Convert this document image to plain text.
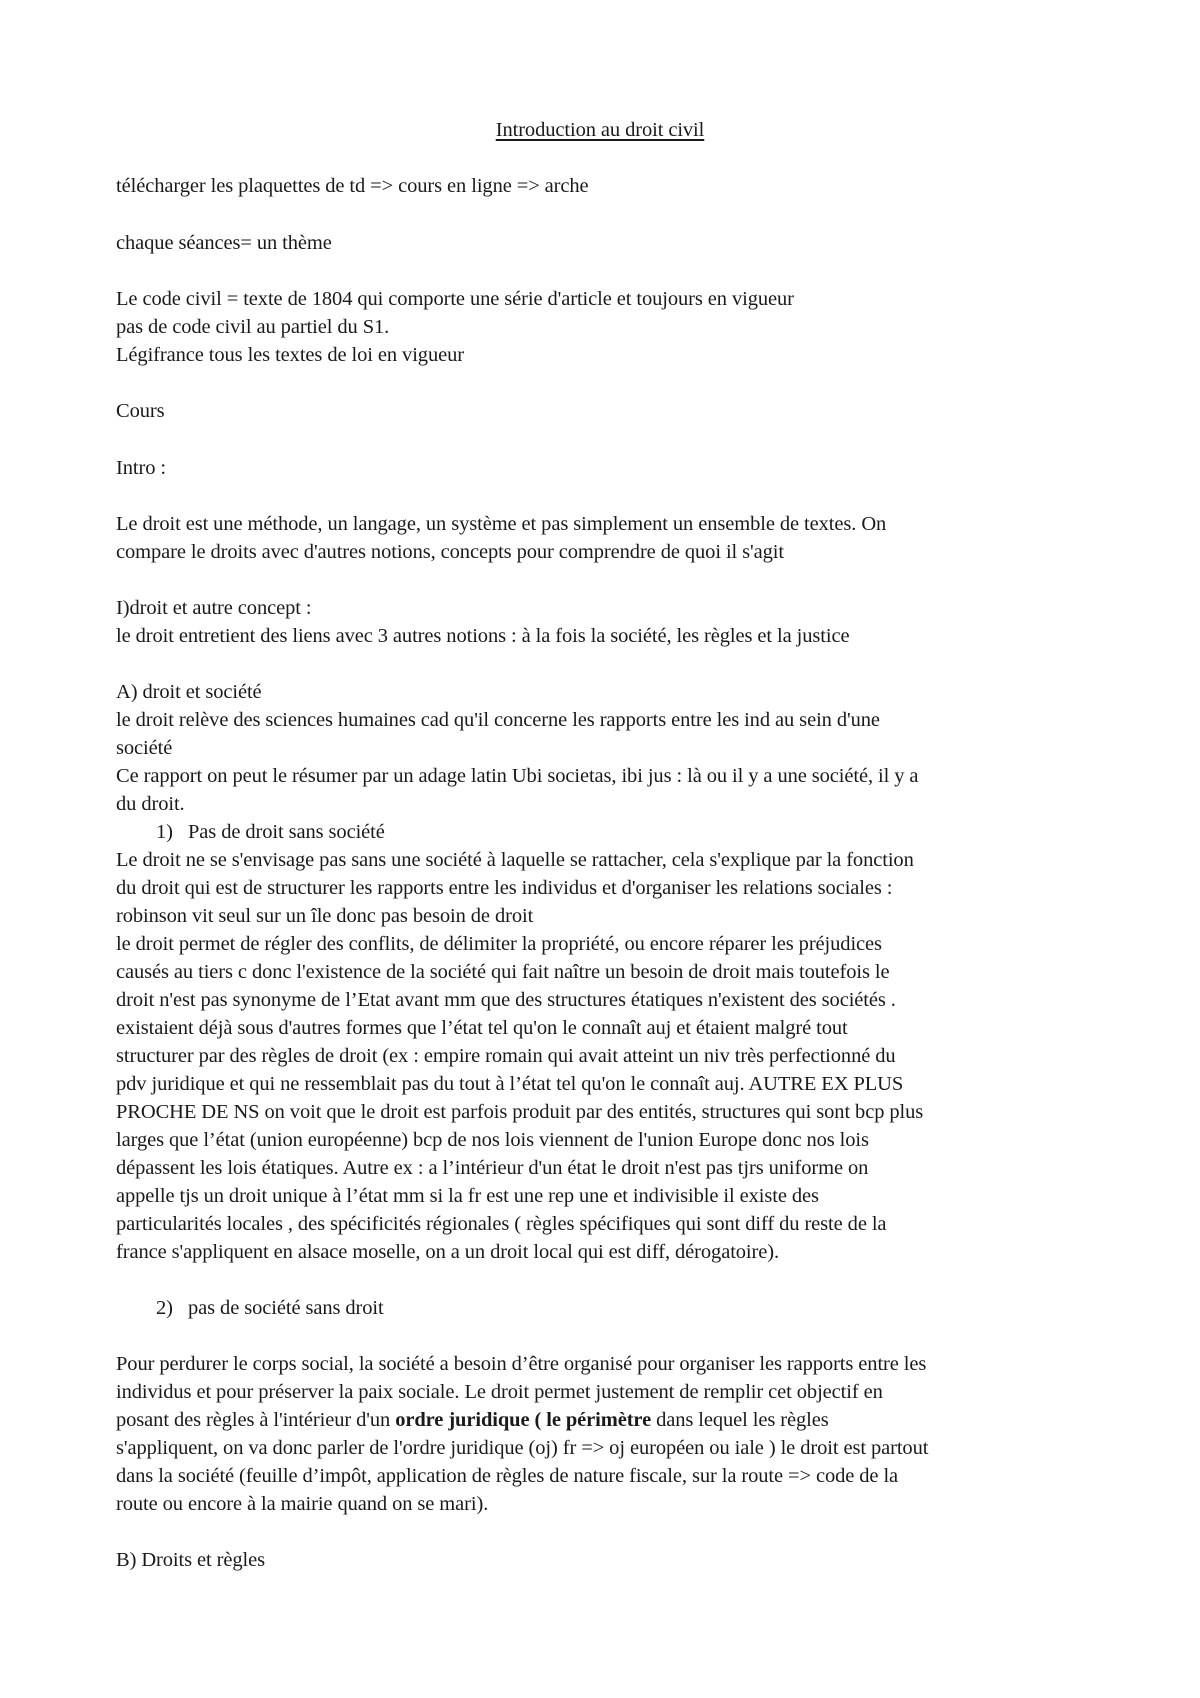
Introduction au droit civil
télécharger les plaquettes de td => cours en ligne => arche
chaque séances= un thème
Le code civil = texte de 1804 qui comporte une série d'article et toujours en vigueur
pas de code civil au partiel du S1.
Légifrance tous les textes de loi en vigueur
Cours
Intro :
Le droit est une méthode, un langage, un système et pas simplement un ensemble de textes. On
compare le droits avec d'autres notions, concepts pour comprendre de quoi il s'agit
I)droit et autre concept :
le droit entretient des liens avec 3 autres notions : à la fois la société, les règles et la justice
A) droit et société
le droit relève des sciences humaines cad qu'il concerne les rapports entre les ind au sein d'une
société
Ce rapport on peut le résumer par un adage latin Ubi societas, ibi jus : là ou il y a une société, il y a
du droit.
1) Pas de droit sans société
Le droit ne se s'envisage pas sans une société à laquelle se rattacher, cela s'explique par la fonction
du droit qui est de structurer les rapports entre les individus et d'organiser les relations sociales :
robinson vit seul sur un île donc pas besoin de droit
le droit permet de régler des conflits, de délimiter la propriété, ou encore réparer les préjudices
causés au tiers c donc l'existence de la société qui fait naître un besoin de droit mais toutefois le
droit n'est pas synonyme de l’Etat avant mm que des structures étatiques n'existent des sociétés .
existaient déjà sous d'autres formes que l’état tel qu'on le connaît auj et étaient malgré tout
structurer par des règles de droit (ex : empire romain qui avait atteint un niv très perfectionné du
pdv juridique et qui ne ressemblait pas du tout à l’état tel qu'on le connaît auj. AUTRE EX PLUS
PROCHE DE NS on voit que le droit est parfois produit par des entités, structures qui sont bcp plus
larges que l’état (union européenne) bcp de nos lois viennent de l'union Europe donc nos lois
dépassent les lois étatiques. Autre ex : a l’intérieur d'un état le droit n'est pas tjrs uniforme on
appelle tjs un droit unique à l’état mm si la fr est une rep une et indivisible il existe des
particularités locales , des spécificités régionales ( règles spécifiques qui sont diff du reste de la
france s'appliquent en alsace moselle, on a un droit local qui est diff, dérogatoire).
2) pas de société sans droit
Pour perdurer le corps social, la société a besoin d’être organisé pour organiser les rapports entre les
individus et pour préserver la paix sociale. Le droit permet justement de remplir cet objectif en
posant des règles à l'intérieur d'un ordre juridique ( le périmètre dans lequel les règles
s'appliquent, on va donc parler de l'ordre juridique (oj) fr => oj européen ou iale ) le droit est partout
dans la société (feuille d’impôt, application de règles de nature fiscale, sur la route => code de la
route ou encore à la mairie quand on se mari).
B) Droits et règles
